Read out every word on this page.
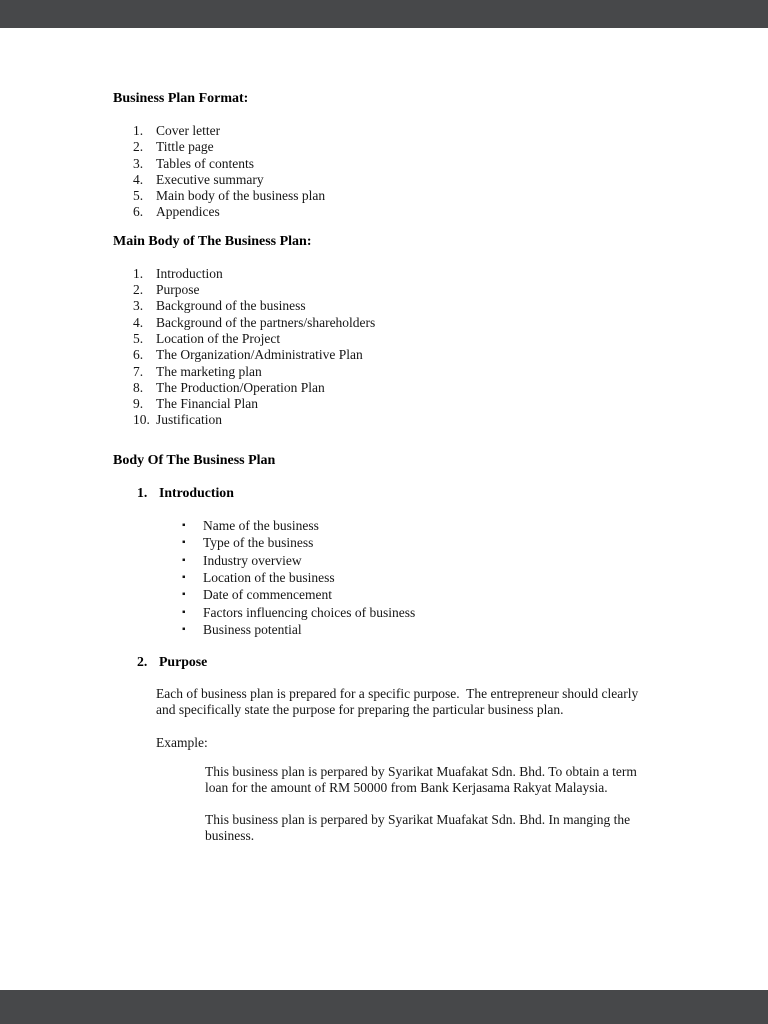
Business Plan Format:
1. Cover letter
2. Tittle page
3. Tables of contents
4. Executive summary
5. Main body of the business plan
6. Appendices
Main Body of The Business Plan:
1. Introduction
2. Purpose
3. Background of the business
4. Background of the partners/shareholders
5. Location of the Project
6. The Organization/Administrative Plan
7. The marketing plan
8. The Production/Operation Plan
9. The Financial Plan
10. Justification
Body Of The Business Plan
1. Introduction
▪
Name of the business
▪
Type of the business
▪
Industry overview
▪
Location of the business
▪
Date of commencement
▪
Factors influencing choices of business
▪
Business potential
2. Purpose
Each of business plan is prepared for a specific purpose.  The entrepreneur should clearly and specifically state the purpose for preparing the particular business plan.
Example:
This business plan is perpared by Syarikat Muafakat Sdn. Bhd. To obtain a term loan for the amount of RM 50000 from Bank Kerjasama Rakyat Malaysia.
This business plan is perpared by Syarikat Muafakat Sdn. Bhd. In manging the business.
